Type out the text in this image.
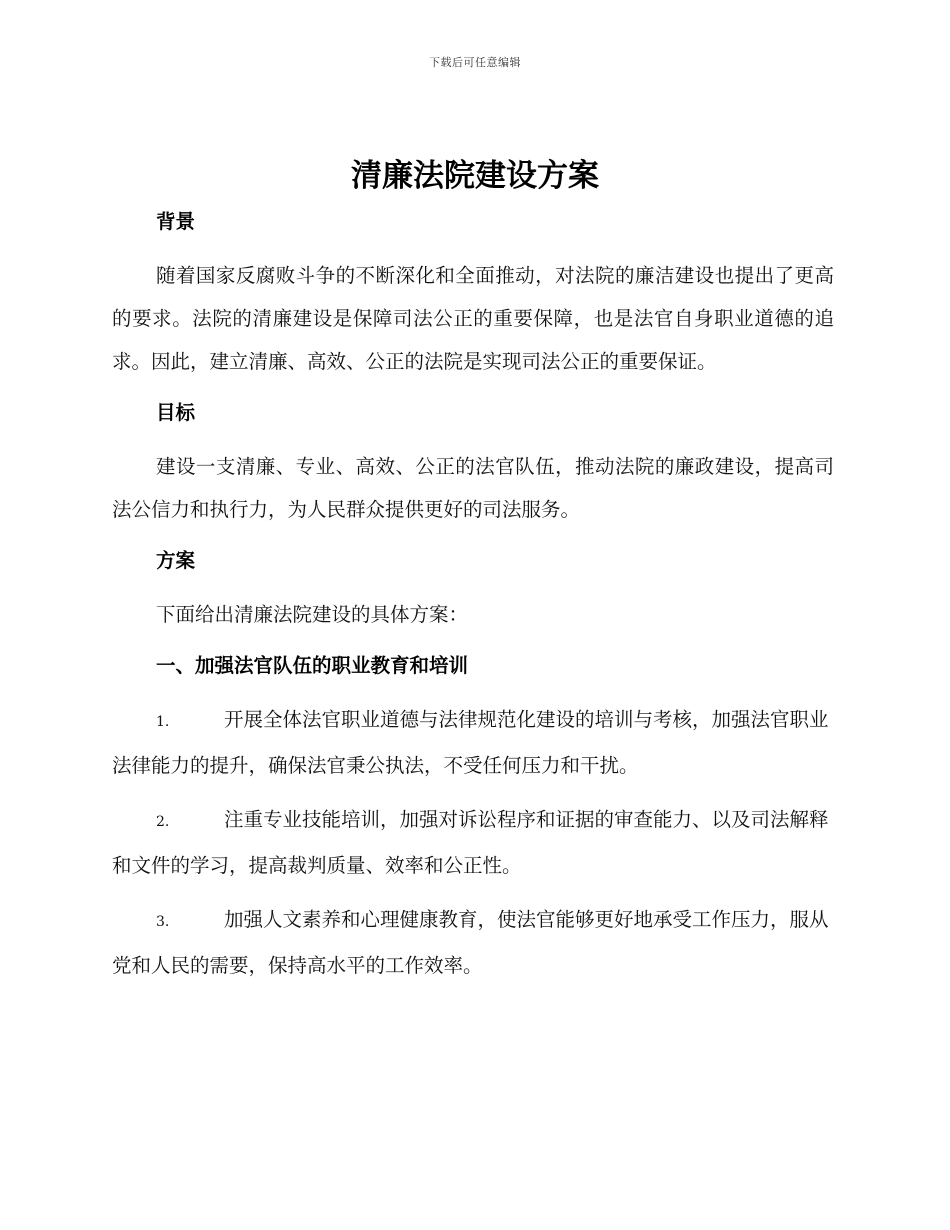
下载后可任意编辑
清廉法院建设方案

背景

随着国家反腐败斗争的不断深化和全面推动，对法院的廉洁建设也提出了更高的要求。法院的清廉建设是保障司法公正的重要保障，也是法官自身职业道德的追求。因此，建立清廉、高效、公正的法院是实现司法公正的重要保证。

目标

建设一支清廉、专业、高效、公正的法官队伍，推动法院的廉政建设，提高司法公信力和执行力，为人民群众提供更好的司法服务。

方案

下面给出清廉法院建设的具体方案：

一、加强法官队伍的职业教育和培训

1.	开展全体法官职业道德与法律规范化建设的培训与考核，加强法官职业法律能力的提升，确保法官秉公执法，不受任何压力和干扰。

2.	注重专业技能培训，加强对诉讼程序和证据的审查能力、以及司法解释和文件的学习，提高裁判质量、效率和公正性。

3.	加强人文素养和心理健康教育，使法官能够更好地承受工作压力，服从党和人民的需要，保持高水平的工作效率。
